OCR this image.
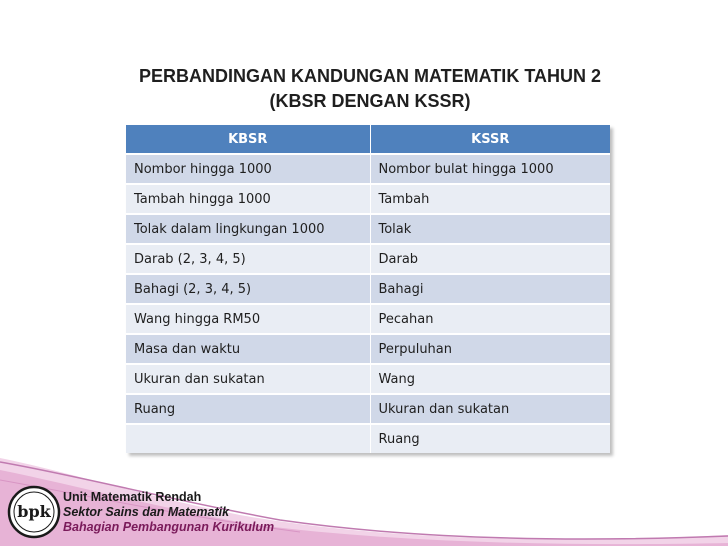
PERBANDINGAN KANDUNGAN MATEMATIK TAHUN 2
(KBSR DENGAN KSSR)
KBSR	KSSR
Nombor hingga 1000	Nombor bulat hingga 1000
Tambah hingga 1000	Tambah
Tolak dalam lingkungan 1000	Tolak
Darab (2, 3, 4, 5)	Darab
Bahagi (2, 3, 4, 5)	Bahagi
Wang hingga RM50	Pecahan
Masa dan waktu	Perpuluhan
Ukuran dan sukatan	Wang
Ruang	Ukuran dan sukatan
	Ruang
bpk
Unit Matematik Rendah
Sektor Sains dan Matematik
Bahagian Pembangunan Kurikulum
